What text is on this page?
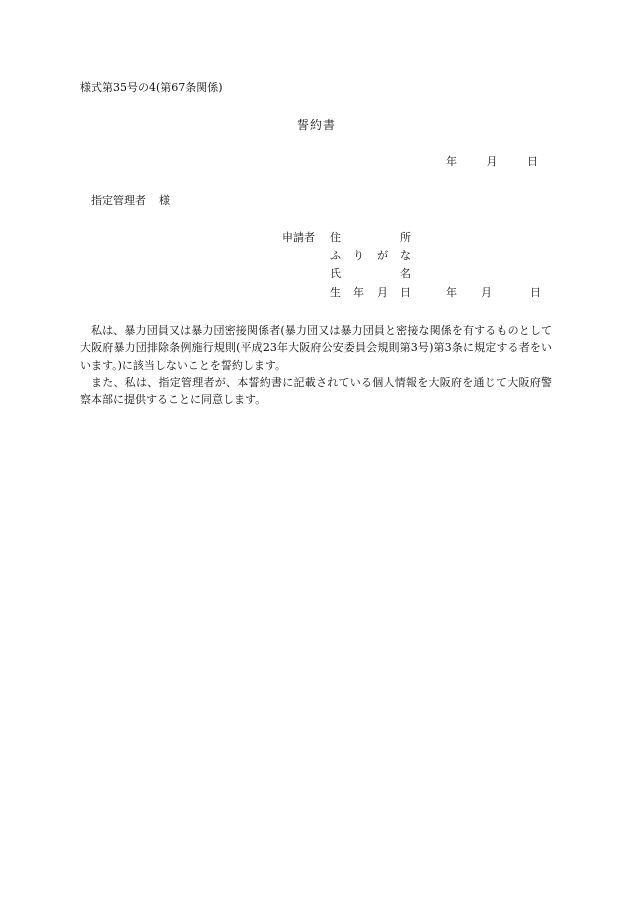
様式第35号の4(第67条関係)
誓約書
年	月	日
指定管理者 様
申請者 住	所
ふ り が な
氏	名
生 年 月 日	年 月	日

私は、暴力団員又は暴力団密接関係者(暴力団又は暴力団員と密接な関係を有するものとして大阪府暴力団排除条例施行規則(平成23年大阪府公安委員会規則第3号)第3条に規定する者をいいます。)に該当しないことを誓約します。

また、私は、指定管理者が、本誓約書に記載されている個人情報を大阪府を通じて大阪府警察本部に提供することに同意します。
